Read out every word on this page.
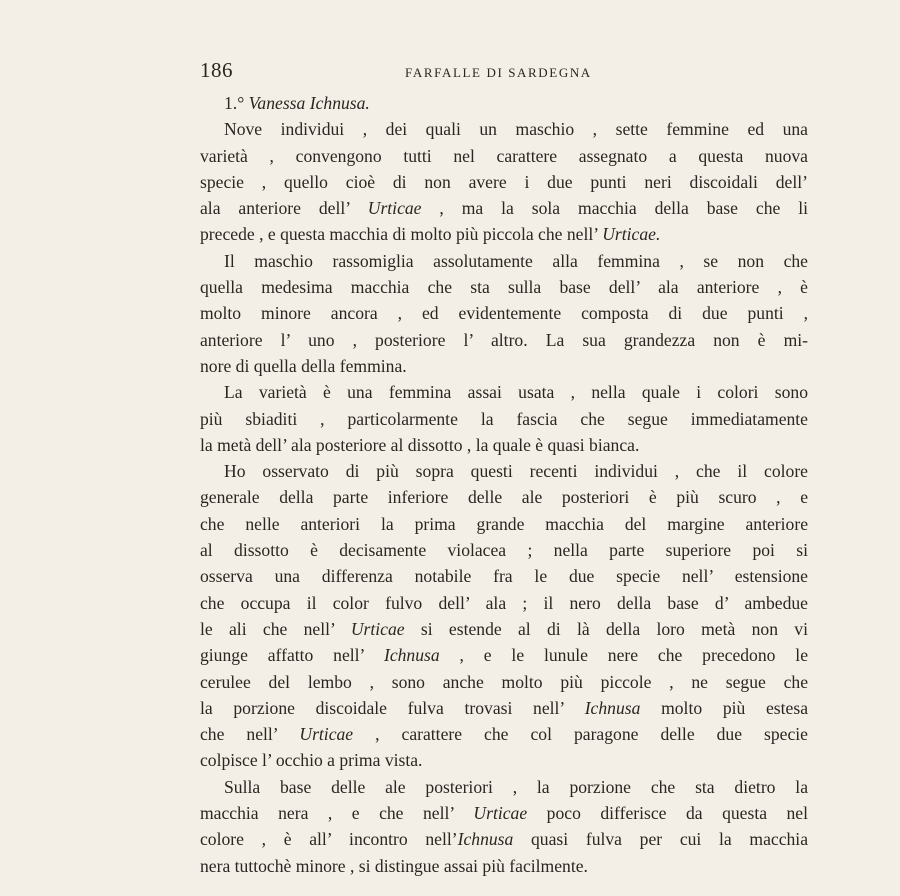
186	FARFALLE DI SARDEGNA
1.° Vanessa Ichnusa.
Nove individui , dei quali un maschio , sette femmine ed una
varietà , convengono tutti nel carattere assegnato a questa nuova
specie , quello cioè di non avere i due punti neri discoidali dell’
ala anteriore dell’ Urticae , ma la sola macchia della base che li
precede , e questa macchia di molto più piccola che nell’ Urticae.
Il maschio rassomiglia assolutamente alla femmina , se non che
quella medesima macchia che sta sulla base dell’ ala anteriore , è
molto minore ancora , ed evidentemente composta di due punti ,
anteriore l’ uno , posteriore l’ altro. La sua grandezza non è mi-
nore di quella della femmina.
La varietà è una femmina assai usata , nella quale i colori sono
più sbiaditi , particolarmente la fascia che segue immediatamente
la metà dell’ ala posteriore al dissotto , la quale è quasi bianca.
Ho osservato di più sopra questi recenti individui , che il colore
generale della parte inferiore delle ale posteriori è più scuro , e
che nelle anteriori la prima grande macchia del margine anteriore
al dissotto è decisamente violacea ; nella parte superiore poi si
osserva una differenza notabile fra le due specie nell’ estensione
che occupa il color fulvo dell’ ala ; il nero della base d’ ambedue
le ali che nell’ Urticae si estende al di là della loro metà non vi
giunge affatto nell’ Ichnusa , e le lunule nere che precedono le
cerulee del lembo , sono anche molto più piccole , ne segue che
la porzione discoidale fulva trovasi nell’ Ichnusa molto più estesa
che nell’ Urticae , carattere che col paragone delle due specie
colpisce l’ occhio a prima vista.
Sulla base delle ale posteriori , la porzione che sta dietro la
macchia nera , e che nell’ Urticae poco differisce da questa nel
colore , è all’ incontro nell’Ichnusa quasi fulva per cui la macchia
nera tuttochè minore , si distingue assai più facilmente.
